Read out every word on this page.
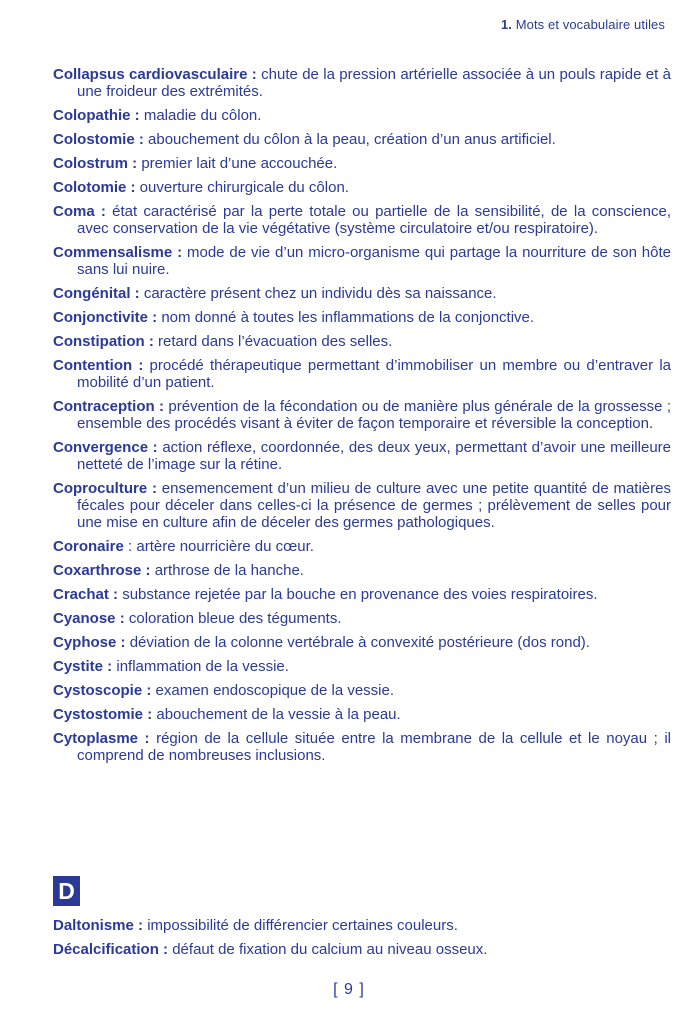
1. Mots et vocabulaire utiles

Collapsus cardiovasculaire : chute de la pression artérielle associée à un pouls rapide et à une froideur des extrémités.

Colopathie : maladie du côlon.

Colostomie : abouchement du côlon à la peau, création d’un anus artificiel.

Colostrum : premier lait d’une accouchée.

Colotomie : ouverture chirurgicale du côlon.

Coma : état caractérisé par la perte totale ou partielle de la sensibilité, de la conscience, avec conservation de la vie végétative (système circulatoire et/ou respiratoire).

Commensalisme : mode de vie d’un micro-organisme qui partage la nourriture de son hôte sans lui nuire.

Congénital : caractère présent chez un individu dès sa naissance.

Conjonctivite : nom donné à toutes les inflammations de la conjonctive.

Constipation : retard dans l’évacuation des selles.

Contention : procédé thérapeutique permettant d’immobiliser un membre ou d’entraver la mobilité d’un patient.

Contraception : prévention de la fécondation ou de manière plus générale de la grossesse ; ensemble des procédés visant à éviter de façon temporaire et réversible la conception.

Convergence : action réflexe, coordonnée, des deux yeux, permettant d’avoir une meilleure netteté de l’image sur la rétine.

Coproculture : ensemencement d’un milieu de culture avec une petite quantité de matières fécales pour déceler dans celles-ci la présence de germes ; prélèvement de selles pour une mise en culture afin de déceler des germes pathologiques.

Coronaire : artère nourricière du cœur.

Coxarthrose : arthrose de la hanche.

Crachat : substance rejetée par la bouche en provenance des voies respiratoires.

Cyanose : coloration bleue des téguments.

Cyphose : déviation de la colonne vertébrale à convexité postérieure (dos rond).

Cystite : inflammation de la vessie.

Cystoscopie : examen endoscopique de la vessie.

Cystostomie : abouchement de la vessie à la peau.

Cytoplasme : région de la cellule située entre la membrane de la cellule et le noyau ; il comprend de nombreuses inclusions.

D

Daltonisme : impossibilité de différencier certaines couleurs.

Décalcification : défaut de fixation du calcium au niveau osseux.

[ 9 ]
